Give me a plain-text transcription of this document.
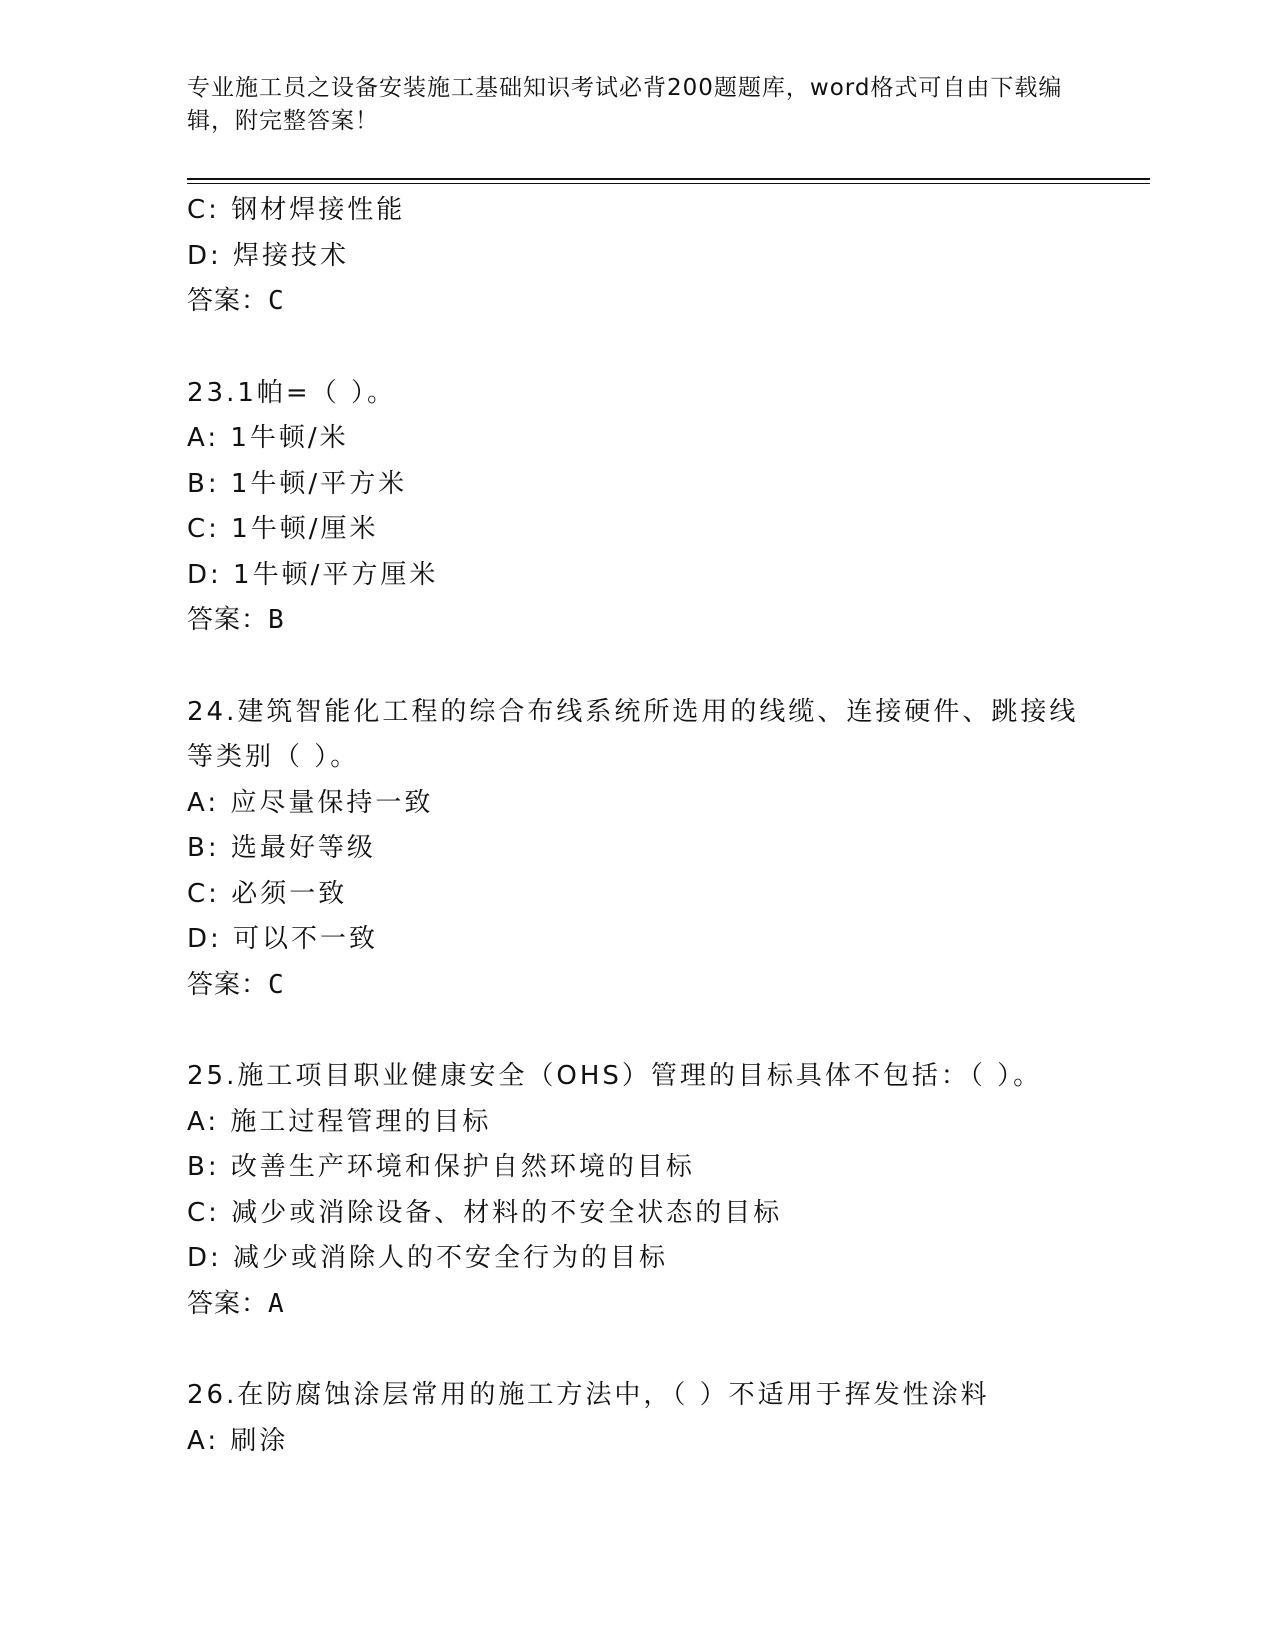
专业施工员之设备安装施工基础知识考试必背200题题库，word格式可自由下载编辑，附完整答案！
C: 钢材焊接性能
D: 焊接技术
答案：C
23.1帕=（ ）。
A: 1牛顿/米
B: 1牛顿/平方米
C: 1牛顿/厘米
D: 1牛顿/平方厘米
答案：B
24.建筑智能化工程的综合布线系统所选用的线缆、连接硬件、跳接线等类别（ ）。
A: 应尽量保持一致
B: 选最好等级
C: 必须一致
D: 可以不一致
答案：C
25.施工项目职业健康安全（OHS）管理的目标具体不包括：（ ）。
A: 施工过程管理的目标
B: 改善生产环境和保护自然环境的目标
C: 减少或消除设备、材料的不安全状态的目标
D: 减少或消除人的不安全行为的目标
答案：A
26.在防腐蚀涂层常用的施工方法中，（ ）不适用于挥发性涂料
A: 刷涂
